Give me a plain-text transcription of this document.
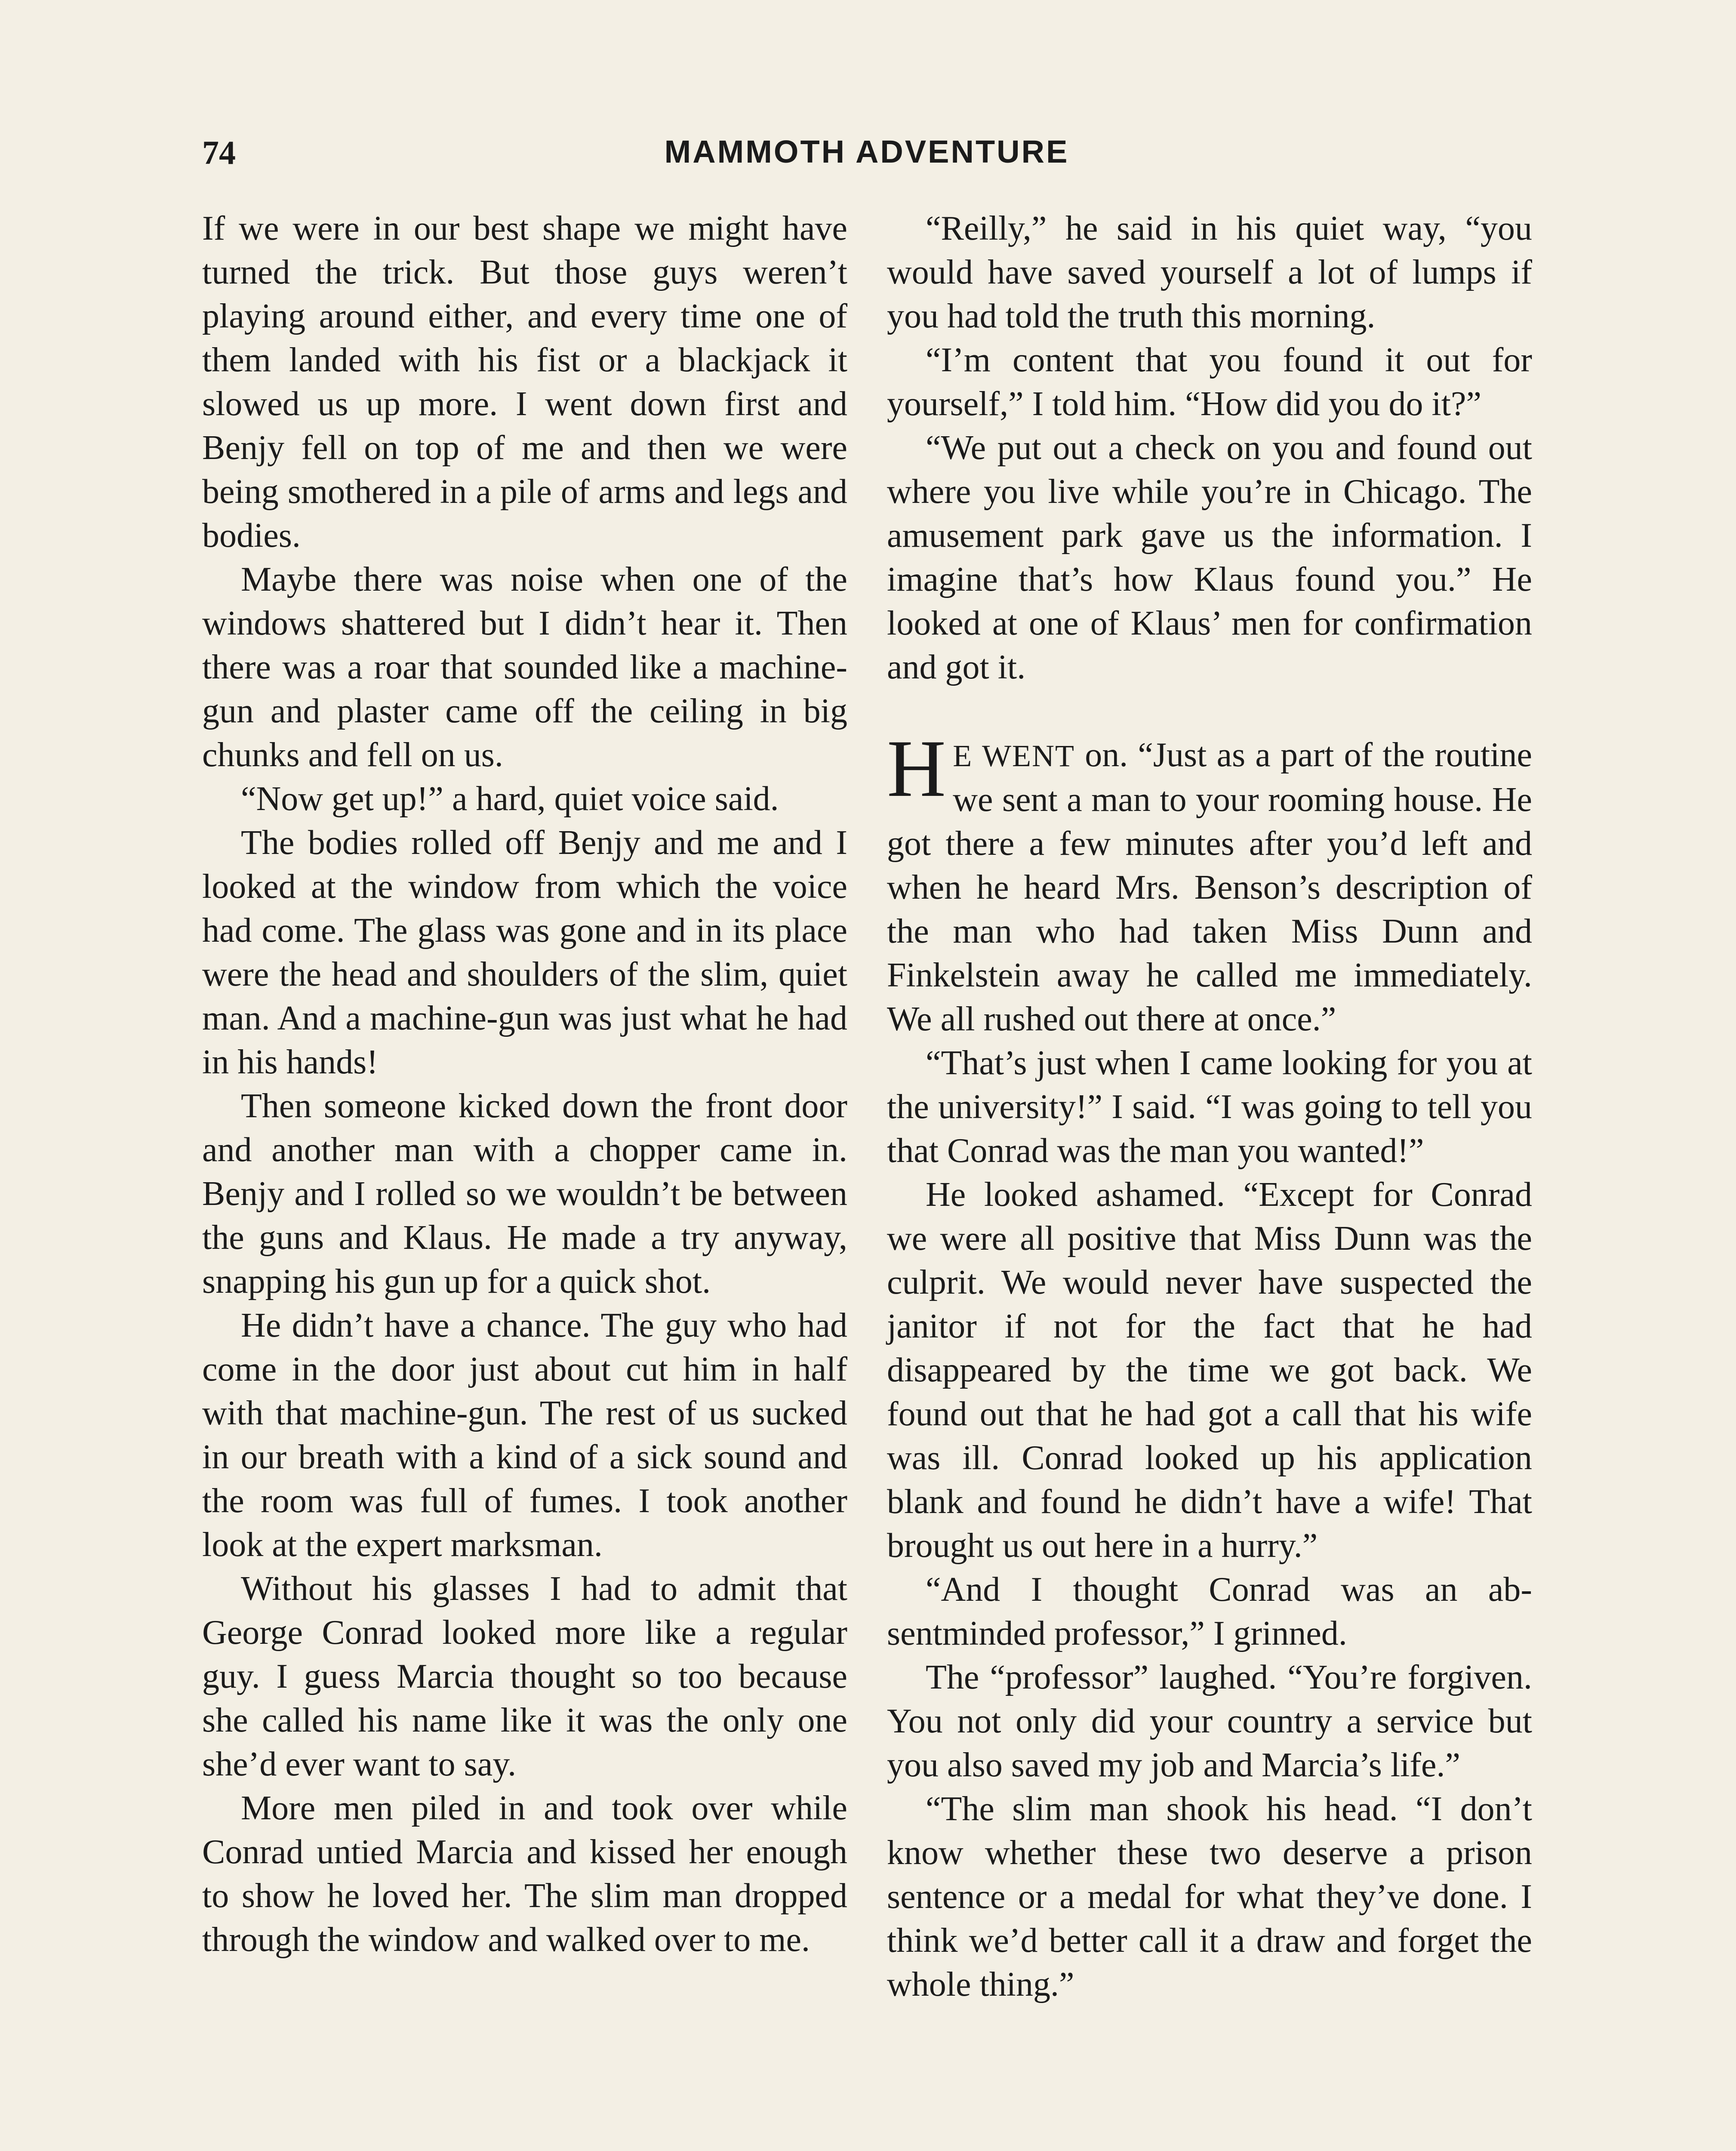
74	MAMMOTH ADVENTURE

If we were in our best shape we might have turned the trick. But those guys weren’t playing around either, and every time one of them landed with his fist or a blackjack it slowed us up more. I went down first and Benjy fell on top of me and then we were being smothered in a pile of arms and legs and bodies.

Maybe there was noise when one of the windows shattered but I didn’t hear it. Then there was a roar that sounded like a machine-gun and plaster came off the ceiling in big chunks and fell on us.

“Now get up!” a hard, quiet voice said.

The bodies rolled off Benjy and me and I looked at the window from which the voice had come. The glass was gone and in its place were the head and shoulders of the slim, quiet man. And a machine-gun was just what he had in his hands!

Then someone kicked down the front door and another man with a chopper came in. Benjy and I rolled so we wouldn’t be between the guns and Klaus. He made a try anyway, snapping his gun up for a quick shot.

He didn’t have a chance. The guy who had come in the door just about cut him in half with that machine-gun. The rest of us sucked in our breath with a kind of a sick sound and the room was full of fumes. I took another look at the expert marksman.

Without his glasses I had to admit that George Conrad looked more like a regular guy. I guess Marcia thought so too because she called his name like it was the only one she’d ever want to say.

More men piled in and took over while Conrad untied Marcia and kissed her enough to show he loved her. The slim man dropped through the window and walked over to me.

“Reilly,” he said in his quiet way, “you would have saved yourself a lot of lumps if you had told the truth this morning.

“I’m content that you found it out for yourself,” I told him. “How did you do it?”

“We put out a check on you and found out where you live while you’re in Chicago. The amusement park gave us the information. I imagine that’s how Klaus found you.” He looked at one of Klaus’ men for confirmation and got it.

H E WENT on. “Just as a part of the routine we sent a man to your rooming house. He got there a few minutes after you’d left and when he heard Mrs. Benson’s description of the man who had taken Miss Dunn and Finkelstein away he called me immediately. We all rushed out there at once.”

“That’s just when I came looking for you at the university!” I said. “I was going to tell you that Conrad was the man you wanted!”

He looked ashamed. “Except for Conrad we were all positive that Miss Dunn was the culprit. We would never have suspected the janitor if not for the fact that he had disappeared by the time we got back. We found out that he had got a call that his wife was ill. Conrad looked up his application blank and found he didn’t have a wife! That brought us out here in a hurry.”

“And I thought Conrad was an absentminded professor,” I grinned.

The “professor” laughed. “You’re forgiven. You not only did your country a service but you also saved my job and Marcia’s life.”

“The slim man shook his head. “I don’t know whether these two deserve a prison sentence or a medal for what they’ve done. I think we’d better call it a draw and forget the whole thing.”
